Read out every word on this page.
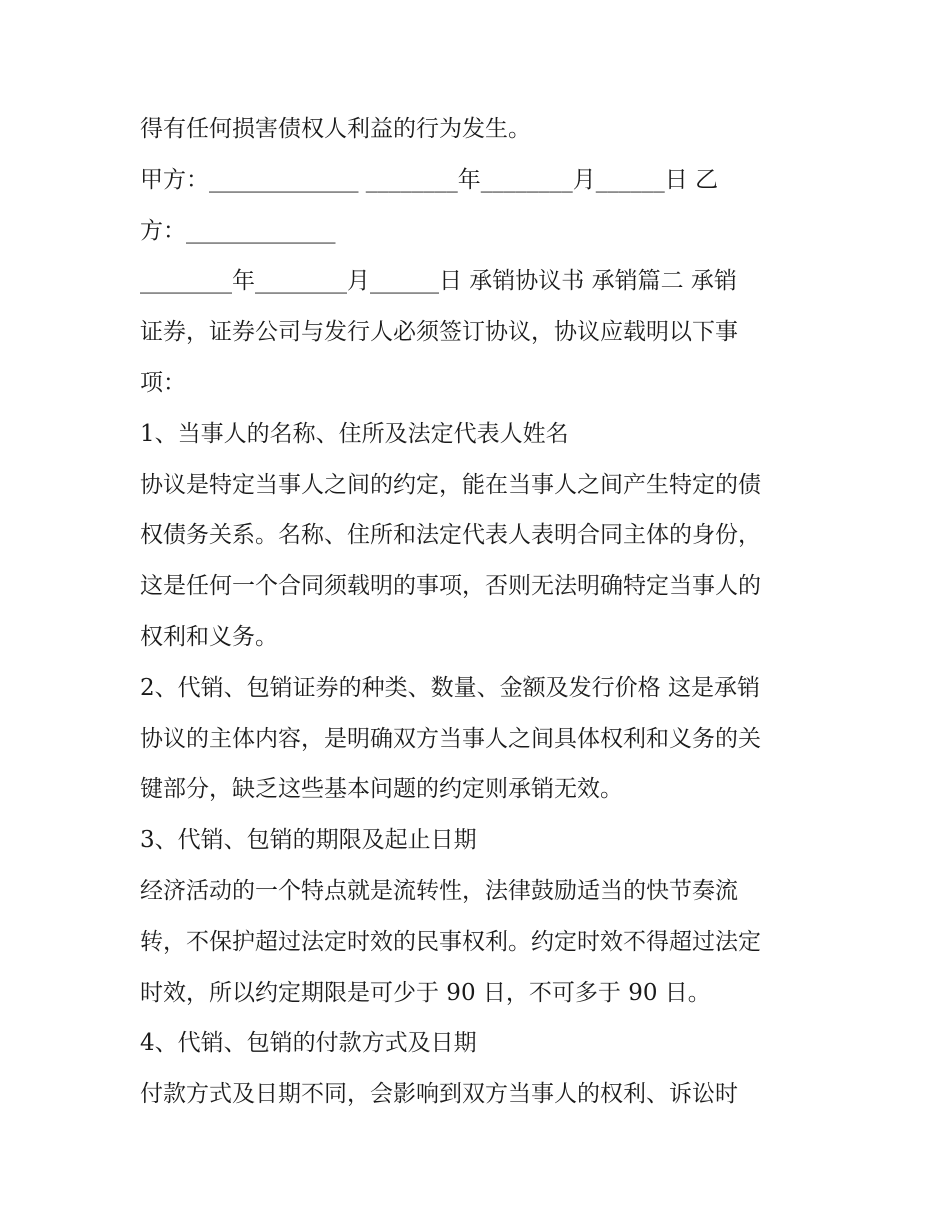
得有任何损害债权人利益的行为发生。
甲方：_____________ ________年________月______日 乙
方：_____________
________年________月______日 承销协议书 承销篇二 承销
证券，证券公司与发行人必须签订协议，协议应载明以下事
项：
1、当事人的名称、住所及法定代表人姓名
协议是特定当事人之间的约定，能在当事人之间产生特定的债
权债务关系。名称、住所和法定代表人表明合同主体的身份，
这是任何一个合同须载明的事项，否则无法明确特定当事人的
权利和义务。
2、代销、包销证券的种类、数量、金额及发行价格 这是承销
协议的主体内容，是明确双方当事人之间具体权利和义务的关
键部分，缺乏这些基本问题的约定则承销无效。
3、代销、包销的期限及起止日期
经济活动的一个特点就是流转性，法律鼓励适当的快节奏流
转，不保护超过法定时效的民事权利。约定时效不得超过法定
时效，所以约定期限是可少于 90 日，不可多于 90 日。
4、代销、包销的付款方式及日期
付款方式及日期不同，会影响到双方当事人的权利、诉讼时
